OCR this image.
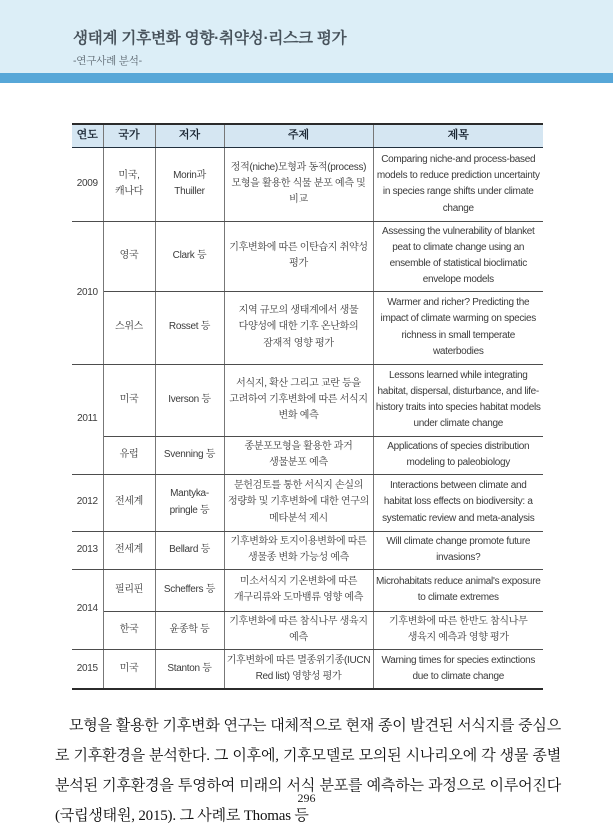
생태계 기후변화 영향·취약성·리스크 평가
-연구사례 분석-
연도	국가	저자	주제	제목
2009	미국, 캐나다	Morin과 Thuiller	정적(niche)모형과 동적(process)모형을 활용한 식물 분포 예측 및 비교	Comparing niche-and process-based models to reduce prediction uncertainty in species range shifts under climate change
2010	영국	Clark 등	기후변화에 따른 이탄습지 취약성 평가	Assessing the vulnerability of blanket peat to climate change using an ensemble of statistical bioclimatic envelope models
	스위스	Rosset 등	지역 규모의 생태계에서 생물 다양성에 대한 기후 온난화의 잠재적 영향 평가	Warmer and richer? Predicting the impact of climate warming on species richness in small temperate waterbodies
2011	미국	Iverson 등	서식지, 확산 그리고 교란 등을 고려하여 기후변화에 따른 서식지 변화 예측	Lessons learned while integrating habitat, dispersal, disturbance, and life-history traits into species habitat models under climate change
	유럽	Svenning 등	종분포모형을 활용한 과거 생물분포 예측	Applications of species distribution modeling to paleobiology
2012	전세계	Mantyka-pringle 등	문헌검토를 통한 서식지 손실의 정량화 및 기후변화에 대한 연구의 메타분석 제시	Interactions between climate and habitat loss effects on biodiversity: a systematic review and meta-analysis
2013	전세계	Bellard 등	기후변화와 토지이용변화에 따른 생물종 변화 가능성 예측	Will climate change promote future invasions?
2014	필리핀	Scheffers 등	미소서식지 기온변화에 따른 개구리류와 도마뱀류 영향 예측	Microhabitats reduce animal's exposure to climate extremes
	한국	윤종학 등	기후변화에 따른 참식나무 생육지 예측	기후변화에 따른 한반도 참식나무 생육지 예측과 영향 평가
2015	미국	Stanton 등	기후변화에 따른 멸종위기종(IUCN Red list) 영향성 평가	Warning times for species extinctions due to climate change

모형을 활용한 기후변화 연구는 대체적으로 현재 종이 발견된 서식지를 중심으로 기후환경을 분석한다. 그 이후에, 기후모델로 모의된 시나리오에 각 생물 종별 분석된 기후환경을 투영하여 미래의 서식 분포를 예측하는 과정으로 이루어진다(국립생태원, 2015). 그 사례로 Thomas 등

296
